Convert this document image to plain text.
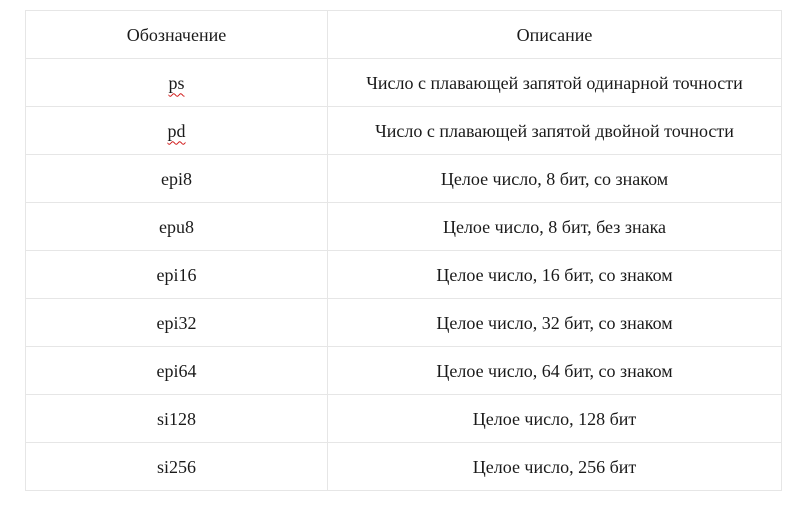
Обозначение	Описание
ps	Число с плавающей запятой одинарной точности
pd	Число с плавающей запятой двойной точности
epi8	Целое число, 8 бит, со знаком
epu8	Целое число, 8 бит, без знака
epi16	Целое число, 16 бит, со знаком
epi32	Целое число, 32 бит, со знаком
epi64	Целое число, 64 бит, со знаком
si128	Целое число, 128 бит
si256	Целое число, 256 бит
